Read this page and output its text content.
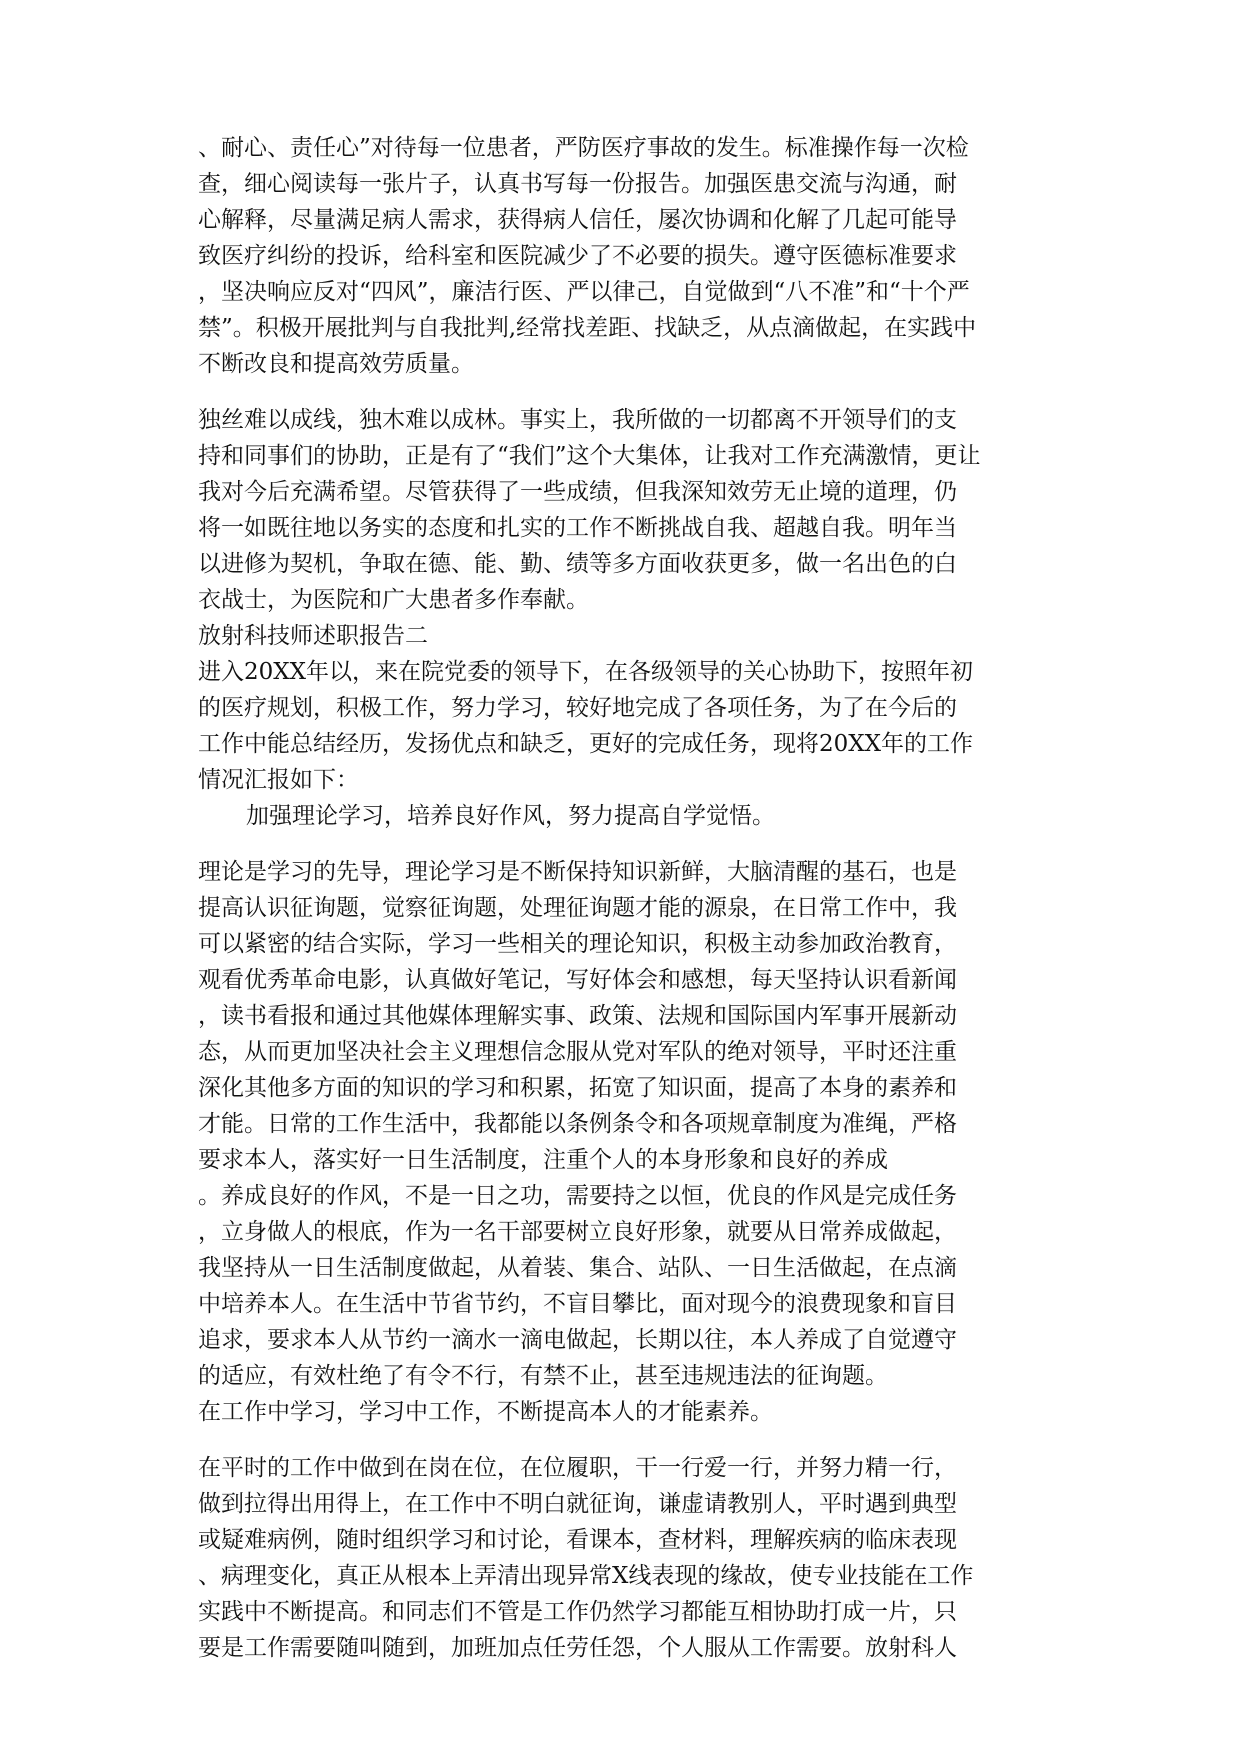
、耐心、责任心”对待每一位患者，严防医疗事故的发生。标准操作每一次检
查，细心阅读每一张片子，认真书写每一份报告。加强医患交流与沟通，耐
心解释，尽量满足病人需求，获得病人信任，屡次协调和化解了几起可能导
致医疗纠纷的投诉，给科室和医院减少了不必要的损失。遵守医德标准要求
，坚决响应反对“四风”，廉洁行医、严以律己，自觉做到“八不准”和“十个严
禁”。积极开展批判与自我批判,经常找差距、找缺乏，从点滴做起，在实践中
不断改良和提高效劳质量。
独丝难以成线，独木难以成林。事实上，我所做的一切都离不开领导们的支
持和同事们的协助，正是有了“我们”这个大集体，让我对工作充满激情，更让
我对今后充满希望。尽管获得了一些成绩，但我深知效劳无止境的道理，仍
将一如既往地以务实的态度和扎实的工作不断挑战自我、超越自我。明年当
以进修为契机，争取在德、能、勤、绩等多方面收获更多，做一名出色的白
衣战士，为医院和广大患者多作奉献。
放射科技师述职报告二
进入20XX年以，来在院党委的领导下，在各级领导的关心协助下，按照年初
的医疗规划，积极工作，努力学习，较好地完成了各项任务，为了在今后的
工作中能总结经历，发扬优点和缺乏，更好的完成任务，现将20XX年的工作
情况汇报如下：
加强理论学习，培养良好作风，努力提高自学觉悟。
理论是学习的先导，理论学习是不断保持知识新鲜，大脑清醒的基石，也是
提高认识征询题，觉察征询题，处理征询题才能的源泉，在日常工作中，我
可以紧密的结合实际，学习一些相关的理论知识，积极主动参加政治教育，
观看优秀革命电影，认真做好笔记，写好体会和感想，每天坚持认识看新闻
，读书看报和通过其他媒体理解实事、政策、法规和国际国内军事开展新动
态，从而更加坚决社会主义理想信念服从党对军队的绝对领导，平时还注重
深化其他多方面的知识的学习和积累，拓宽了知识面，提高了本身的素养和
才能。日常的工作生活中，我都能以条例条令和各项规章制度为准绳，严格
要求本人，落实好一日生活制度，注重个人的本身形象和良好的养成
。养成良好的作风，不是一日之功，需要持之以恒，优良的作风是完成任务
，立身做人的根底，作为一名干部要树立良好形象，就要从日常养成做起，
我坚持从一日生活制度做起，从着装、集合、站队、一日生活做起，在点滴
中培养本人。在生活中节省节约，不盲目攀比，面对现今的浪费现象和盲目
追求，要求本人从节约一滴水一滴电做起，长期以往，本人养成了自觉遵守
的适应，有效杜绝了有令不行，有禁不止，甚至违规违法的征询题。
在工作中学习，学习中工作，不断提高本人的才能素养。
在平时的工作中做到在岗在位，在位履职，干一行爱一行，并努力精一行，
做到拉得出用得上，在工作中不明白就征询，谦虚请教别人，平时遇到典型
或疑难病例，随时组织学习和讨论，看课本，查材料，理解疾病的临床表现
、病理变化，真正从根本上弄清出现异常X线表现的缘故，使专业技能在工作
实践中不断提高。和同志们不管是工作仍然学习都能互相协助打成一片，只
要是工作需要随叫随到，加班加点任劳任怨，个人服从工作需要。放射科人
